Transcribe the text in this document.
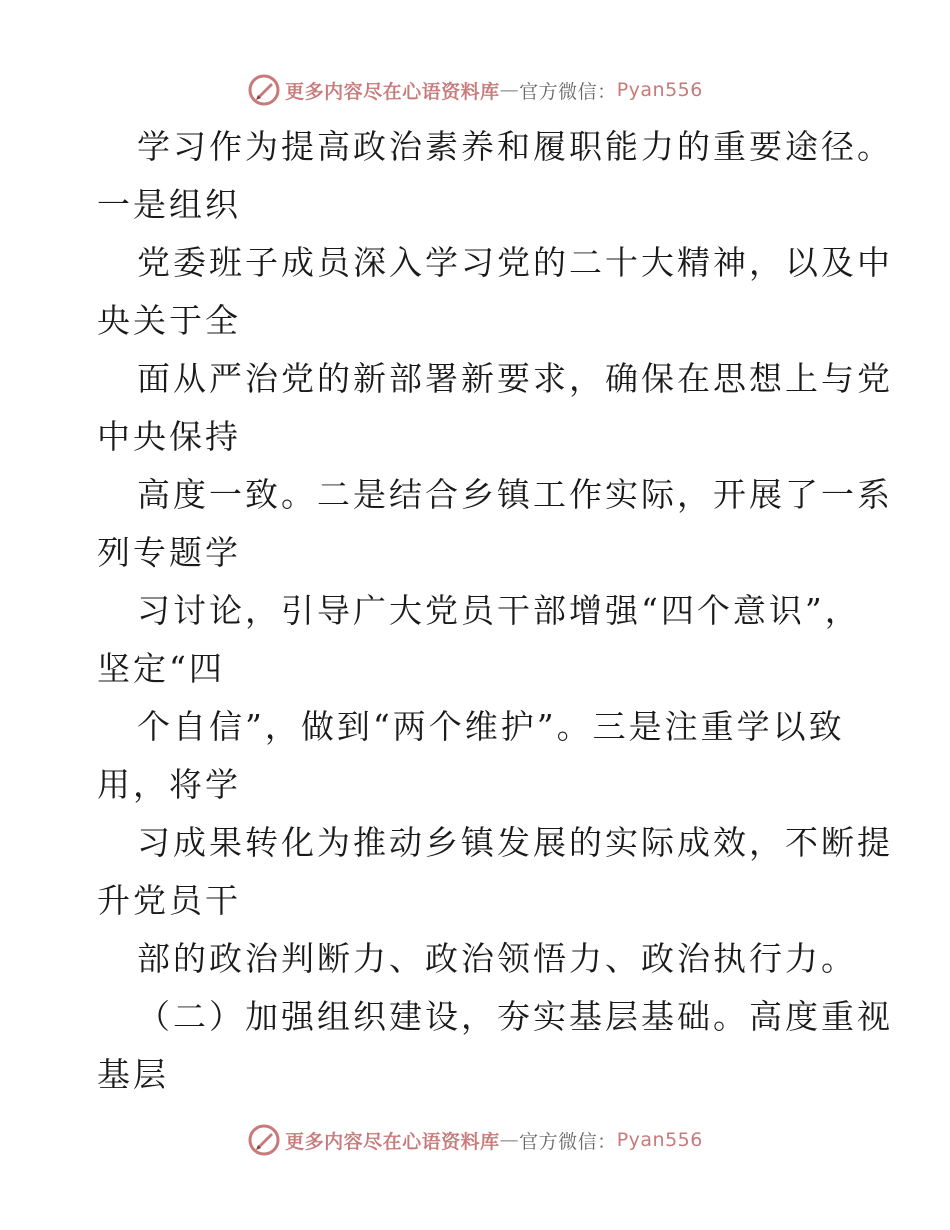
更多内容尽在心语资料库 — 官方微信： Pyan556
学习作为提高政治素养和履职能力的重要途径。
一是组织
党委班子成员深入学习党的二十大精神，以及中
央关于全
面从严治党的新部署新要求，确保在思想上与党
中央保持
高度一致。二是结合乡镇工作实际，开展了一系
列专题学
习讨论，引导广大党员干部增强“四个意识”，
坚定“四
个自信”，做到“两个维护”。三是注重学以致
用，将学
习成果转化为推动乡镇发展的实际成效，不断提
升党员干
部的政治判断力、政治领悟力、政治执行力。
（二）加强组织建设，夯实基层基础。高度重视
基层
更多内容尽在心语资料库 — 官方微信： Pyan556
